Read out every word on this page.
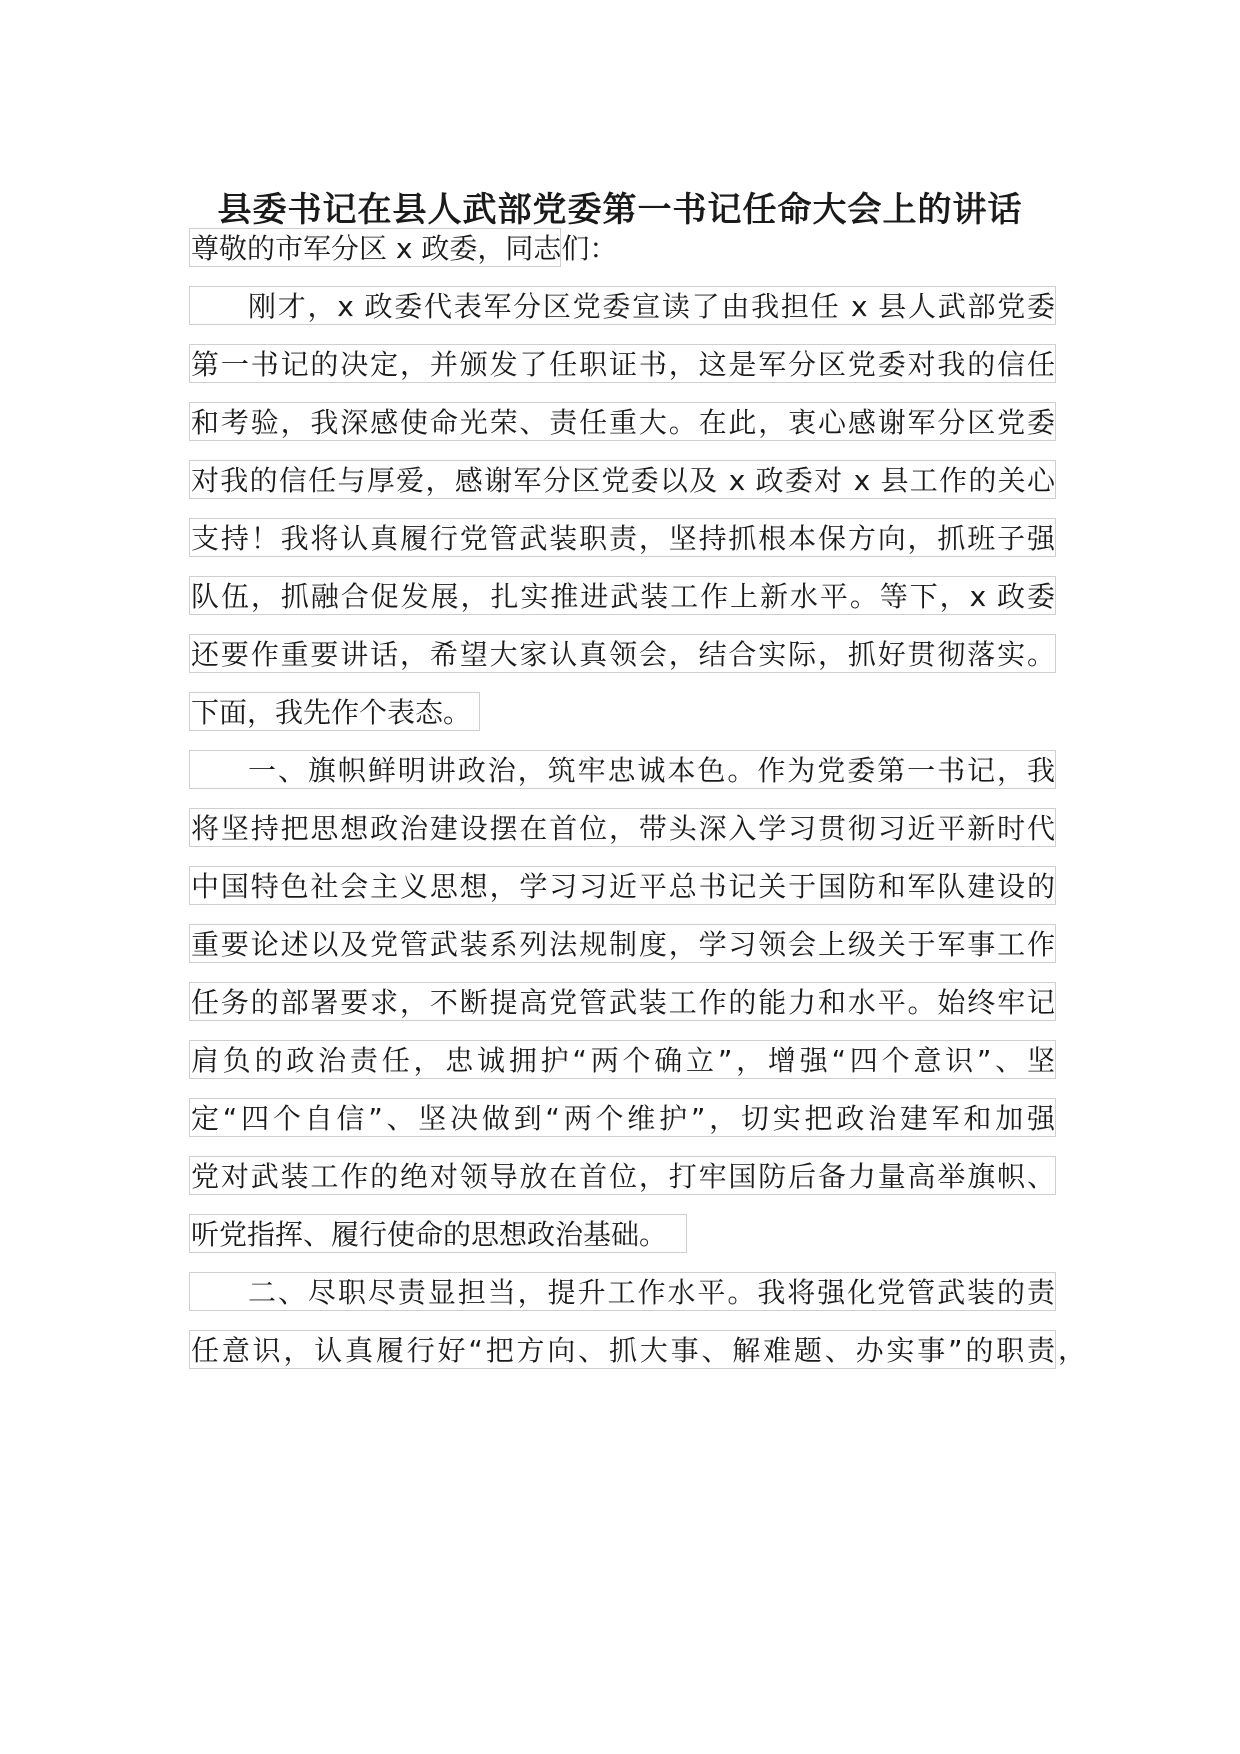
县委书记在县人武部党委第一书记任命大会上的讲话
尊敬的市军分区 x 政委，同志们：
刚才，x 政委代表军分区党委宣读了由我担任 x 县人武部党委
第一书记的决定，并颁发了任职证书，这是军分区党委对我的信任
和考验，我深感使命光荣、责任重大。在此，衷心感谢军分区党委
对我的信任与厚爱，感谢军分区党委以及 x 政委对 x 县工作的关心
支持！我将认真履行党管武装职责，坚持抓根本保方向，抓班子强
队伍，抓融合促发展，扎实推进武装工作上新水平。等下，x 政委
还要作重要讲话，希望大家认真领会，结合实际，抓好贯彻落实。
下面，我先作个表态。
一、旗帜鲜明讲政治，筑牢忠诚本色。作为党委第一书记，我
将坚持把思想政治建设摆在首位，带头深入学习贯彻习近平新时代
中国特色社会主义思想，学习习近平总书记关于国防和军队建设的
重要论述以及党管武装系列法规制度，学习领会上级关于军事工作
任务的部署要求，不断提高党管武装工作的能力和水平。始终牢记
肩负的政治责任，忠诚拥护“两个确立”，增强“四个意识”、坚
定“四个自信”、坚决做到“两个维护”，切实把政治建军和加强
党对武装工作的绝对领导放在首位，打牢国防后备力量高举旗帜、
听党指挥、履行使命的思想政治基础。
二、尽职尽责显担当，提升工作水平。我将强化党管武装的责
任意识，认真履行好“把方向、抓大事、解难题、办实事”的职责 ，
